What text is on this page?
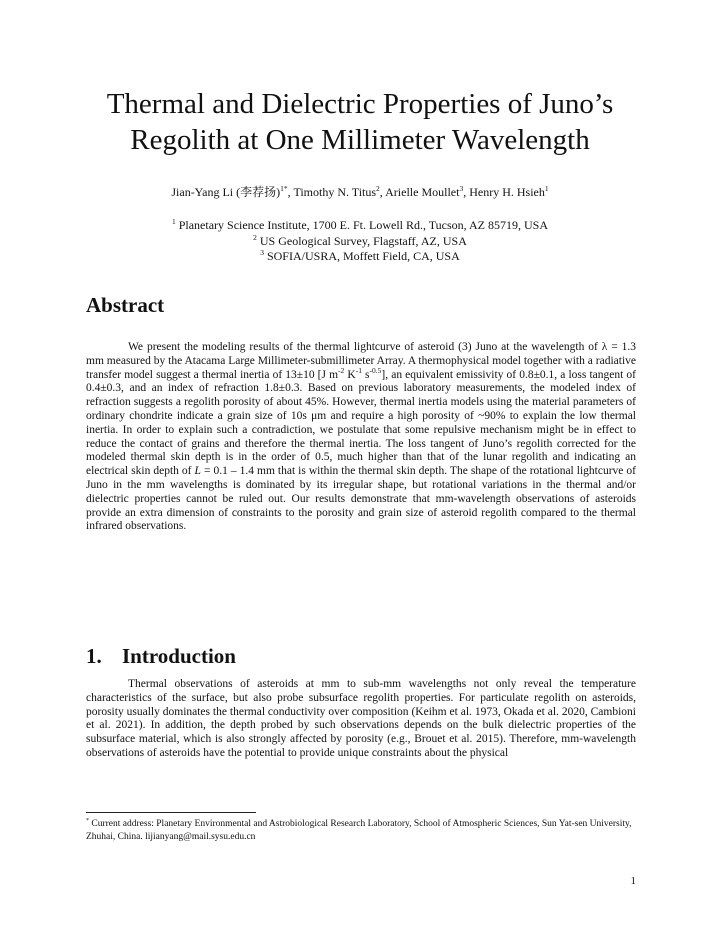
Thermal and Dielectric Properties of Juno’s
Regolith at One Millimeter Wavelength
Jian-Yang Li (李荐扬)$^{1*}$, Timothy N. Titus$^2$, Arielle Moullet$^3$, Henry H. Hsieh$^1$
$^1$ Planetary Science Institute, 1700 E. Ft. Lowell Rd., Tucson, AZ 85719, USA
$^2$ US Geological Survey, Flagstaff, AZ, USA
$^3$ SOFIA/USRA, Moffett Field, CA, USA
Abstract

We present the modeling results of the thermal lightcurve of asteroid (3) Juno at the wavelength of λ = 1.3 mm measured by the Atacama Large Millimeter-submillimeter Array. A thermophysical model together with a radiative transfer model suggest a thermal inertia of 13±10 [J $m^{-2}$ $K^{-1}$ $s^{-0.5}$], an equivalent emissivity of 0.8±0.1, a loss tangent of 0.4±0.3, and an index of refraction 1.8±0.3. Based on previous laboratory measurements, the modeled index of refraction suggests a regolith porosity of about 45%. However, thermal inertia models using the material parameters of ordinary chondrite indicate a grain size of 10s μm and require a high porosity of ~90% to explain the low thermal inertia. In order to explain such a contradiction, we postulate that some repulsive mechanism might be in effect to reduce the contact of grains and therefore the thermal inertia. The loss tangent of Juno’s regolith corrected for the modeled thermal skin depth is in the order of 0.5, much higher than that of the lunar regolith and indicating an electrical skin depth of L = 0.1 – 1.4 mm that is within the thermal skin depth. The shape of the rotational lightcurve of Juno in the mm wavelengths is dominated by its irregular shape, but rotational variations in the thermal and/or dielectric properties cannot be ruled out. Our results demonstrate that mm-wavelength observations of asteroids provide an extra dimension of constraints to the porosity and grain size of asteroid regolith compared to the thermal infrared observations.

1. Introduction

Thermal observations of asteroids at mm to sub-mm wavelengths not only reveal the temperature characteristics of the surface, but also probe subsurface regolith properties. For particulate regolith on asteroids, porosity usually dominates the thermal conductivity over composition (Keihm et al. 1973, Okada et al. 2020, Cambioni et al. 2021). In addition, the depth probed by such observations depends on the bulk dielectric properties of the subsurface material, which is also strongly affected by porosity (e.g., Brouet et al. 2015). Therefore, mm-wavelength observations of asteroids have the potential to provide unique constraints about the physical

* Current address: Planetary Environmental and Astrobiological Research Laboratory, School of Atmospheric Sciences, Sun Yat-sen University, Zhuhai, China. lijianyang@mail.sysu.edu.cn

1
